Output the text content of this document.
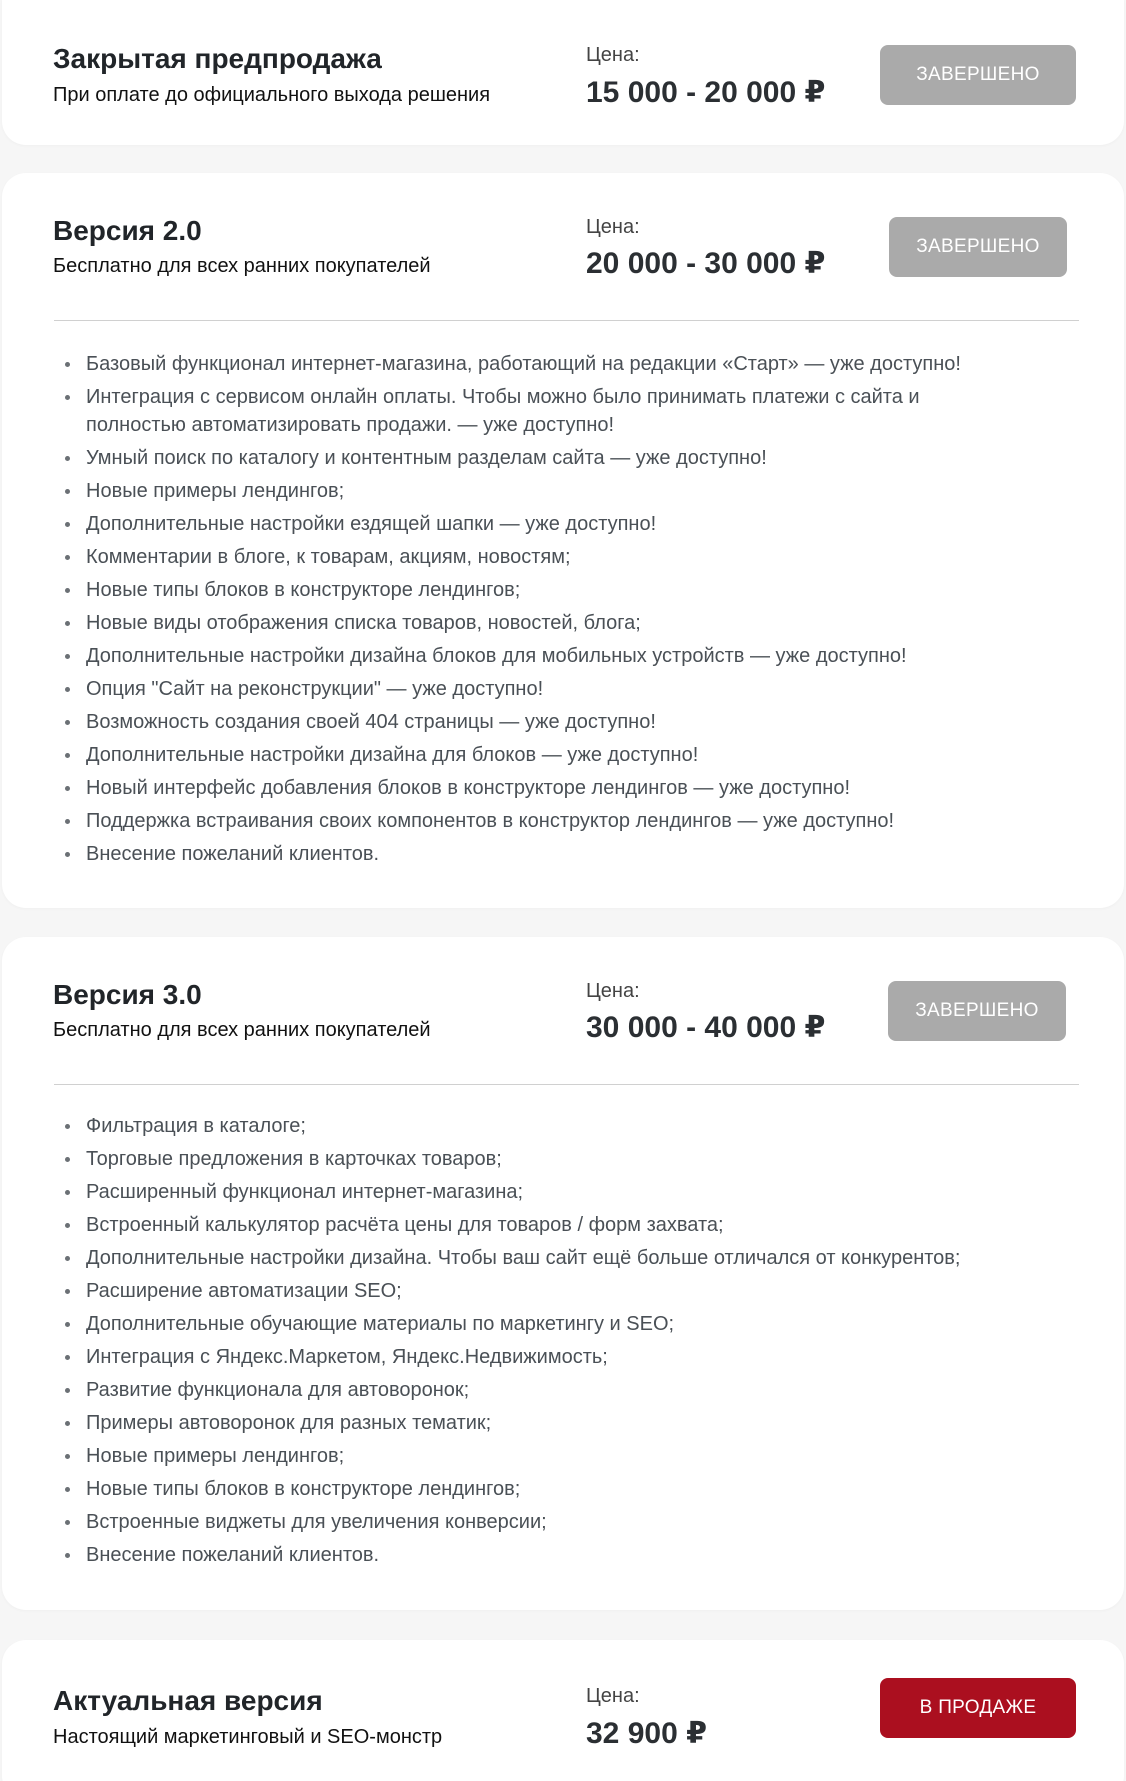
Закрытая предпродажа
При оплате до официального выхода решения
Цена:
15 000 - 20 000 ₽
ЗАВЕРШЕНО
Версия 2.0
Бесплатно для всех ранних покупателей
Цена:
20 000 - 30 000 ₽
ЗАВЕРШЕНО
Базовый функционал интернет-магазина, работающий на редакции «Старт» — уже доступно!
Интеграция с сервисом онлайн оплаты. Чтобы можно было принимать платежи с сайта и
полностью автоматизировать продажи. — уже доступно!
Умный поиск по каталогу и контентным разделам сайта — уже доступно!
Новые примеры лендингов;
Дополнительные настройки ездящей шапки — уже доступно!
Комментарии в блоге, к товарам, акциям, новостям;
Новые типы блоков в конструкторе лендингов;
Новые виды отображения списка товаров, новостей, блога;
Дополнительные настройки дизайна блоков для мобильных устройств — уже доступно!
Опция "Сайт на реконструкции" — уже доступно!
Возможность создания своей 404 страницы — уже доступно!
Дополнительные настройки дизайна для блоков — уже доступно!
Новый интерфейс добавления блоков в конструкторе лендингов — уже доступно!
Поддержка встраивания своих компонентов в конструктор лендингов — уже доступно!
Внесение пожеланий клиентов.
Версия 3.0
Бесплатно для всех ранних покупателей
Цена:
30 000 - 40 000 ₽
ЗАВЕРШЕНО
Фильтрация в каталоге;
Торговые предложения в карточках товаров;
Расширенный функционал интернет-магазина;
Встроенный калькулятор расчёта цены для товаров / форм захвата;
Дополнительные настройки дизайна. Чтобы ваш сайт ещё больше отличался от конкурентов;
Расширение автоматизации SEO;
Дополнительные обучающие материалы по маркетингу и SEO;
Интеграция с Яндекс.Маркетом, Яндекс.Недвижимость;
Развитие функционала для автоворонок;
Примеры автоворонок для разных тематик;
Новые примеры лендингов;
Новые типы блоков в конструкторе лендингов;
Встроенные виджеты для увеличения конверсии;
Внесение пожеланий клиентов.
Актуальная версия
Настоящий маркетинговый и SEO-монстр
Цена:
32 900 ₽
В ПРОДАЖЕ
